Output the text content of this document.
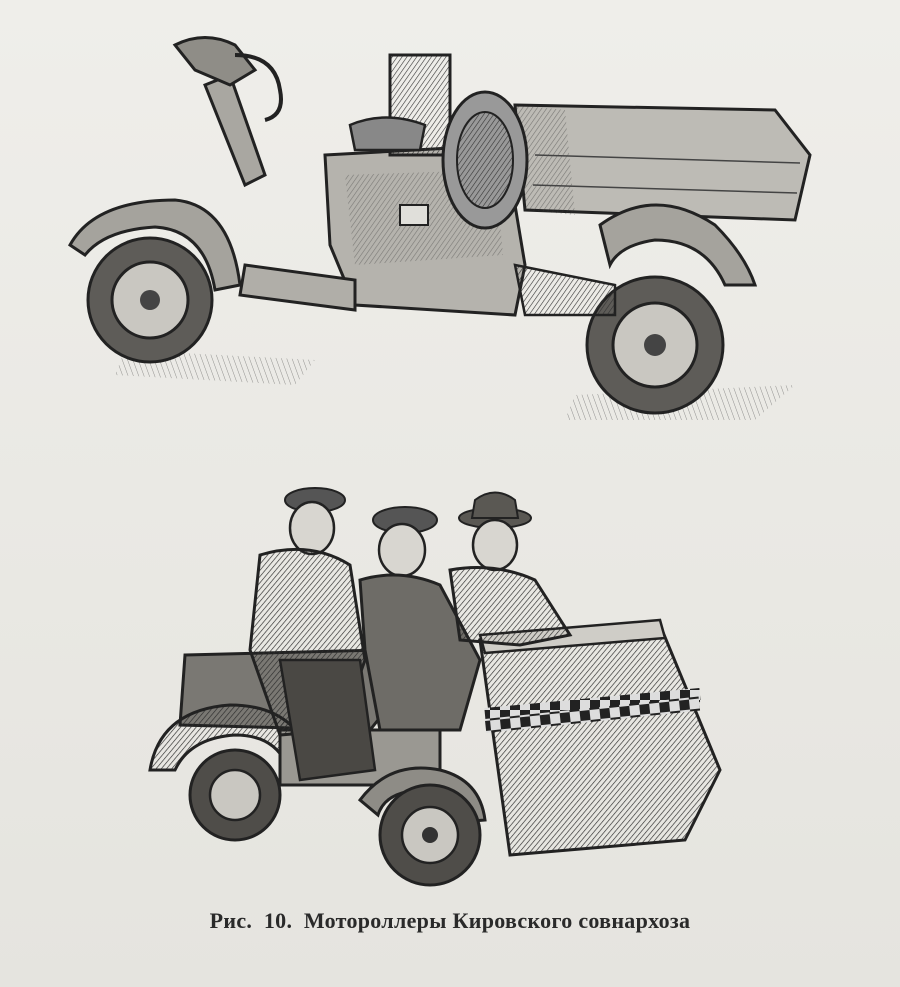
Рис. 10. Мотороллеры Кировского совнархоза
